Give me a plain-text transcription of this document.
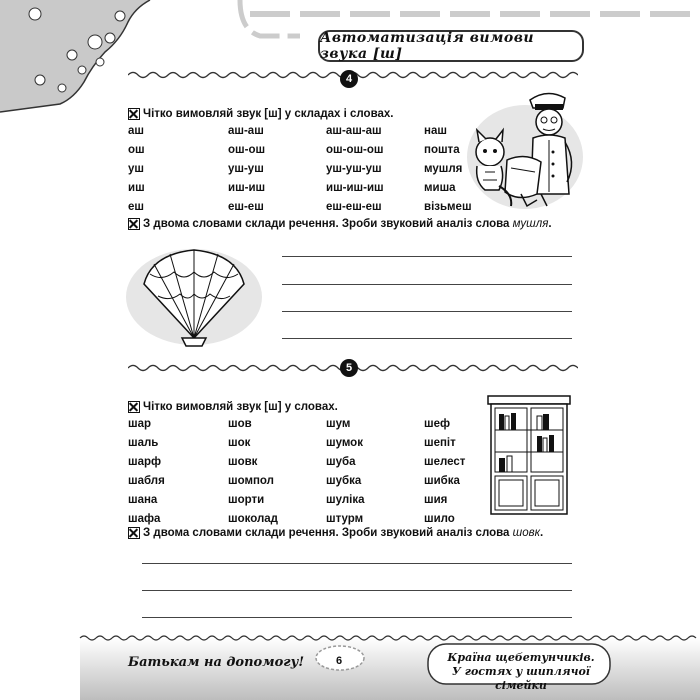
Автоматизація вимови звука [ш]
4
Чітко вимовляй звук [ш] у складах і словах.
аш	аш-аш	аш-аш-аш	наш
ош	ош-ош	ош-ош-ош	пошта
уш	уш-уш	уш-уш-уш	мушля
иш	иш-иш	иш-иш-иш	миша
еш	еш-еш	еш-еш-еш	візьмеш
З двома словами склади речення. Зроби звуковий аналіз слова
мушля .
5
Чітко вимовляй звук [ш] у словах.
шар	шов	шум	шеф
шаль	шок	шумок	шепіт
шарф	шовк	шуба	шелест
шабля	шомпол	шубка	шибка
шана	шорти	шуліка	шия
шафа	шоколад	штурм	шило
З двома словами склади речення. Зроби звуковий аналіз слова
шовк .
Батькам на допомогу!	6	Країна щебетунчиків.
У гостях у шиплячої сімейки
